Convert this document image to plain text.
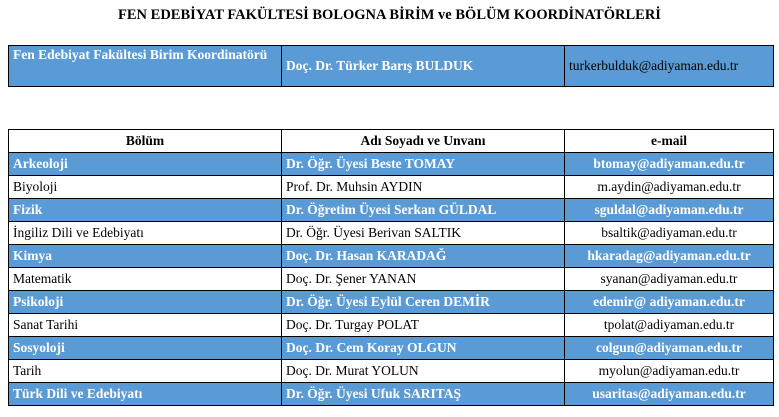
FEN EDEBİYAT FAKÜLTESİ BOLOGNA BİRİM ve BÖLÜM KOORDİNATÖRLERİ
Fen Edebiyat Fakültesi Birim Koordinatörü	Doç. Dr. Türker Barış BULDUK	turkerbulduk@adiyaman.edu.tr
Bölüm	Adı Soyadı ve Unvanı	e-mail
Arkeoloji	Dr. Öğr. Üyesi Beste TOMAY	btomay@adiyaman.edu.tr
Biyoloji	Prof. Dr. Muhsin AYDIN	m.aydin@adiyaman.edu.tr
Fizik	Dr. Öğretim Üyesi Serkan GÜLDAL	sguldal@adiyaman.edu.tr
İngiliz Dili ve Edebiyatı	Dr. Öğr. Üyesi Berivan SALTIK	bsaltik@adiyaman.edu.tr
Kimya	Doç. Dr. Hasan KARADAĞ	hkaradag@adiyaman.edu.tr
Matematik	Doç. Dr. Şener YANAN	syanan@adiyaman.edu.tr
Psikoloji	Dr. Öğr. Üyesi Eylül Ceren DEMİR	edemir@ adiyaman.edu.tr
Sanat Tarihi	Doç. Dr. Turgay POLAT	tpolat@adiyaman.edu.tr
Sosyoloji	Doç. Dr. Cem Koray OLGUN	colgun@adiyaman.edu.tr
Tarih	Doç. Dr. Murat YOLUN	myolun@adiyaman.edu.tr
Türk Dili ve Edebiyatı	Dr. Öğr. Üyesi Ufuk SARITAŞ	usaritas@adiyaman.edu.tr
